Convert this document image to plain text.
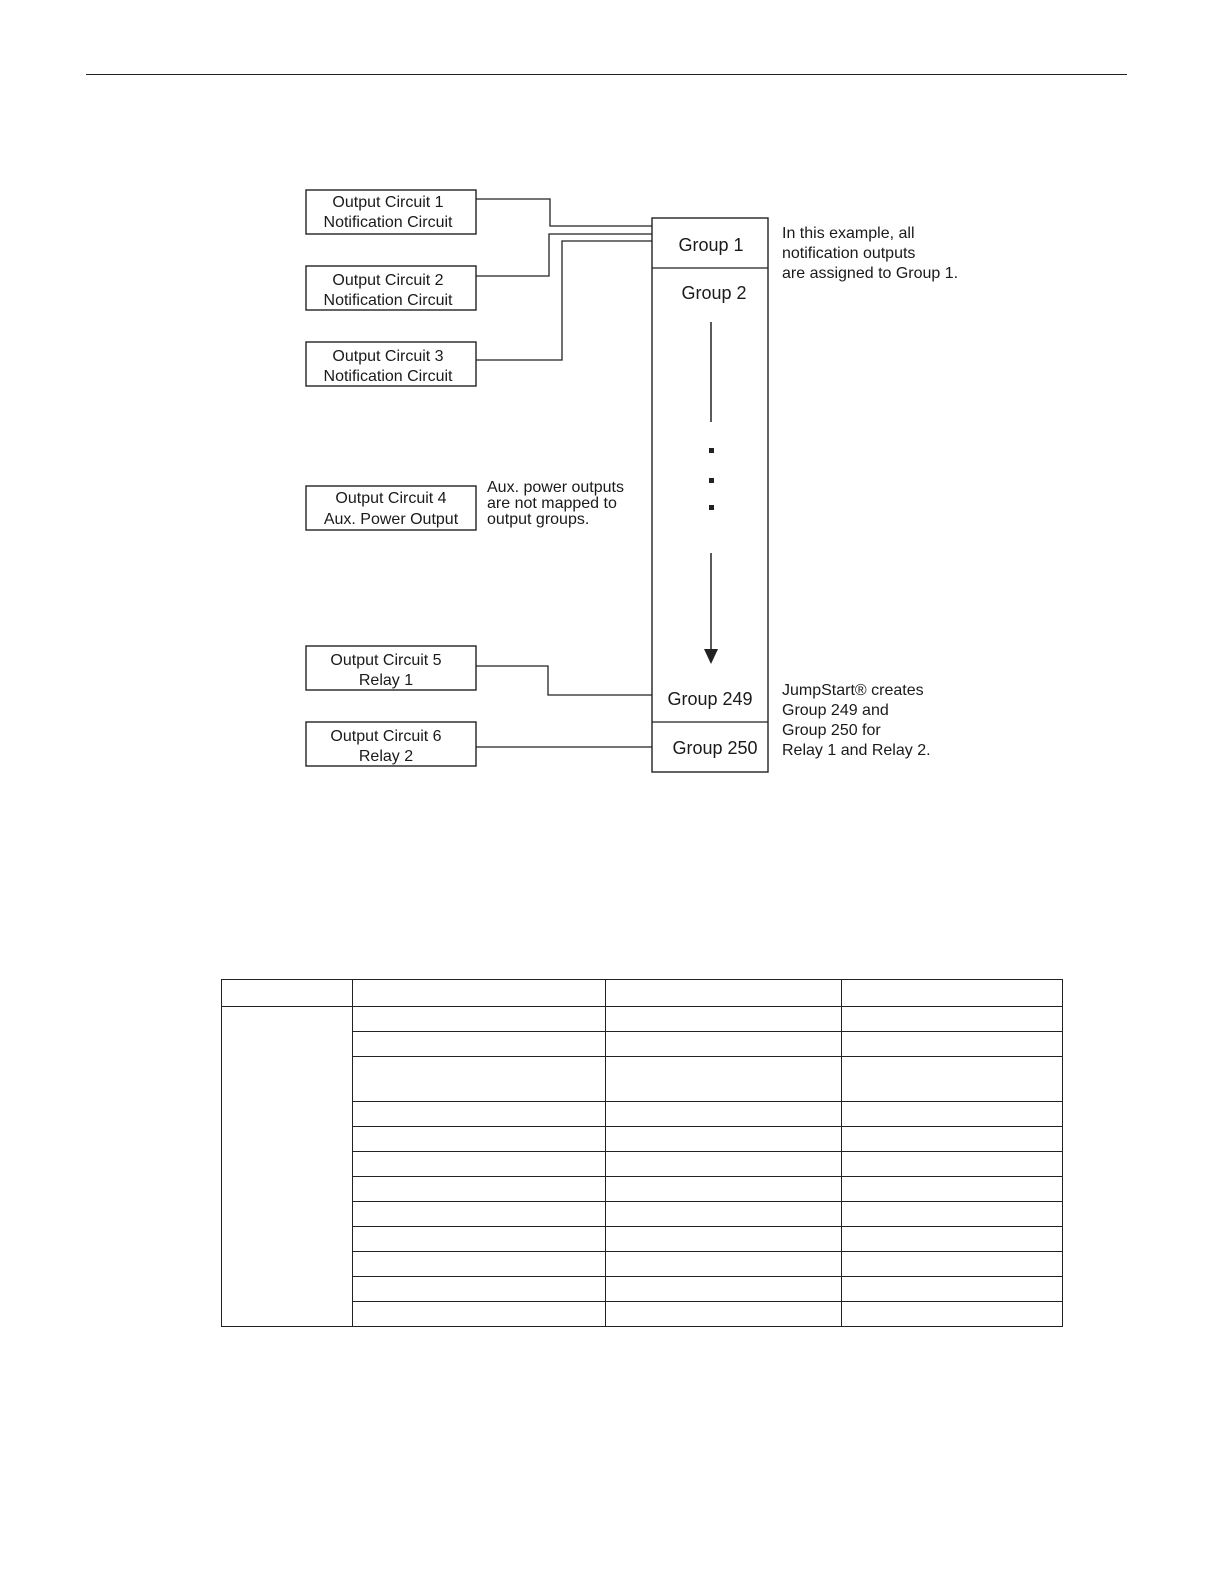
Output Circuit 1
Notification Circuit
Output Circuit 2
Notification Circuit
Output Circuit 3
Notification Circuit
Output Circuit 4
Aux. Power Output
Output Circuit 5
Relay 1
Output Circuit 6
Relay 2
Group 1
Group 2
Group 249
Group 250
. . .
In this example, all
notification outputs
are assigned to Group 1.
Aux. power outputs
are not mapped to
output groups.
JumpStart® creates
Group 249 and
Group 250 for
Relay 1 and Relay 2.
